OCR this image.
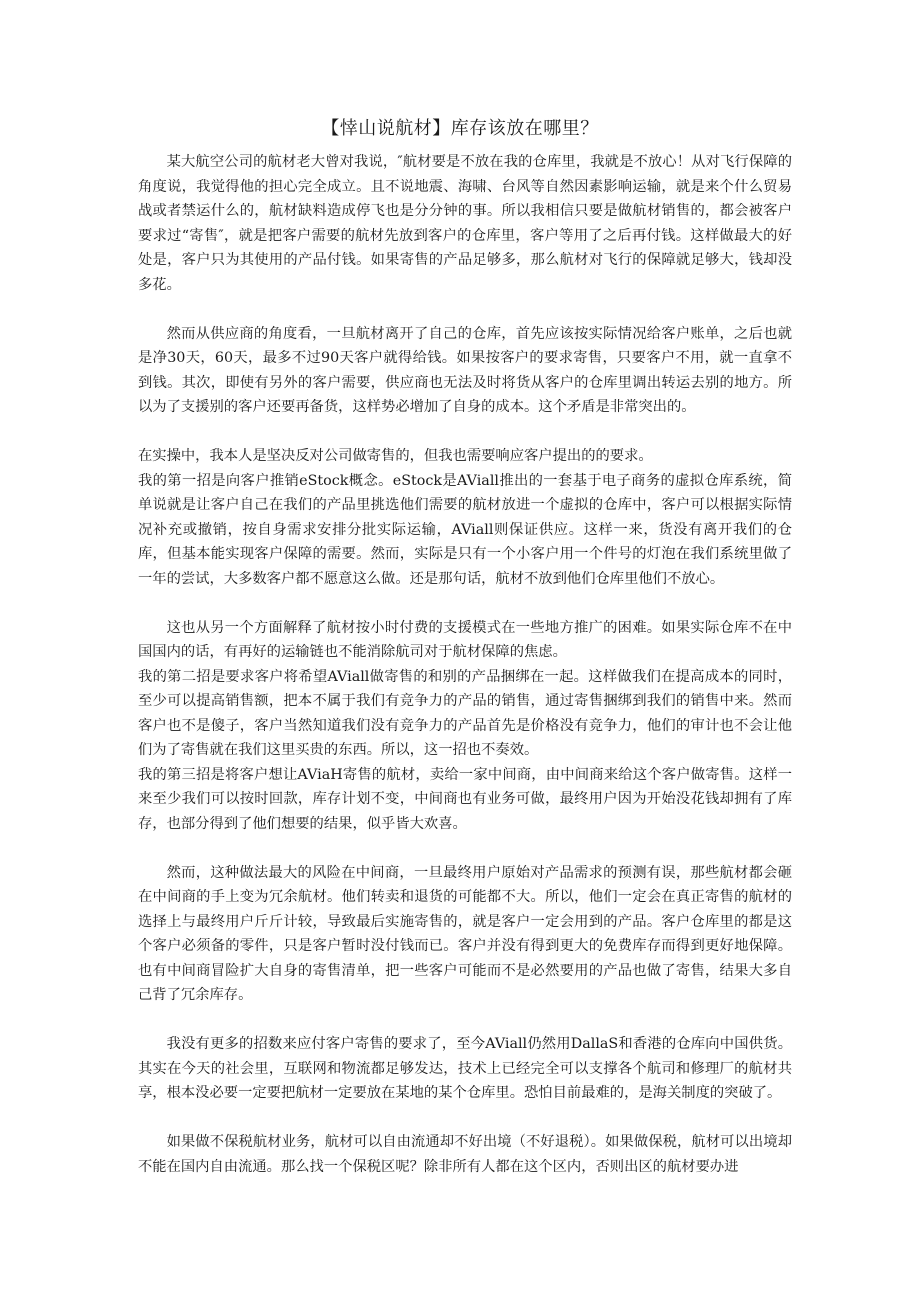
【悻山说航材】库存该放在哪里？

某大航空公司的航材老大曾对我说，″航材要是不放在我的仓库里，我就是不放心！从对飞行保障的角度说，我觉得他的担心完全成立。且不说地震、海啸、台风等自然因素影响运输，就是来个什么贸易战或者禁运什么的，航材缺料造成停飞也是分分钟的事。所以我相信只要是做航材销售的，都会被客户要求过“寄售″，就是把客户需要的航材先放到客户的仓库里，客户等用了之后再付钱。这样做最大的好处是，客户只为其使用的产品付钱。如果寄售的产品足够多，那么航材对飞行的保障就足够大，钱却没多花。

然而从供应商的角度看，一旦航材离开了自己的仓库，首先应该按实际情况给客户账单，之后也就是净30天，60天，最多不过90天客户就得给钱。如果按客户的要求寄售，只要客户不用，就一直拿不到钱。其次，即使有另外的客户需要，供应商也无法及时将货从客户的仓库里调出转运去别的地方。所以为了支援别的客户还要再备货，这样势必增加了自身的成本。这个矛盾是非常突出的。

在实操中，我本人是坚决反对公司做寄售的，但我也需要响应客户提出的的要求。

我的第一招是向客户推销eStock概念。eStock是AViall推出的一套基于电子商务的虚拟仓库系统，简单说就是让客户自己在我们的产品里挑选他们需要的航材放进一个虚拟的仓库中，客户可以根据实际情况补充或撤销，按自身需求安排分批实际运输，AViall则保证供应。这样一来，货没有离开我们的仓库，但基本能实现客户保障的需要。然而，实际是只有一个小客户用一个件号的灯泡在我们系统里做了一年的尝试，大多数客户都不愿意这么做。还是那句话，航材不放到他们仓库里他们不放心。

这也从另一个方面解释了航材按小时付费的支援模式在一些地方推广的困难。如果实际仓库不在中国国内的话，有再好的运输链也不能消除航司对于航材保障的焦虑。

我的第二招是要求客户将希望AViall做寄售的和别的产品捆绑在一起。这样做我们在提高成本的同时，至少可以提高销售额，把本不属于我们有竞争力的产品的销售，通过寄售捆绑到我们的销售中来。然而客户也不是傻子，客户当然知道我们没有竞争力的产品首先是价格没有竞争力，他们的审计也不会让他们为了寄售就在我们这里买贵的东西。所以，这一招也不奏效。

我的第三招是将客户想让AViaH寄售的航材，卖给一家中间商，由中间商来给这个客户做寄售。这样一来至少我们可以按时回款，库存计划不变，中间商也有业务可做，最终用户因为开始没花钱却拥有了库存，也部分得到了他们想要的结果，似乎皆大欢喜。

然而，这种做法最大的风险在中间商，一旦最终用户原始对产品需求的预测有误，那些航材都会砸在中间商的手上变为冗余航材。他们转卖和退货的可能都不大。所以，他们一定会在真正寄售的航材的选择上与最终用户斤斤计较，导致最后实施寄售的，就是客户一定会用到的产品。客户仓库里的都是这个客户必须备的零件，只是客户暂时没付钱而已。客户并没有得到更大的免费库存而得到更好地保障。也有中间商冒险扩大自身的寄售清单，把一些客户可能而不是必然要用的产品也做了寄售，结果大多自己背了冗余库存。

我没有更多的招数来应付客户寄售的要求了，至今AViall仍然用DallaS和香港的仓库向中国供货。其实在今天的社会里，互联网和物流都足够发达，技术上已经完全可以支撑各个航司和修理厂的航材共享，根本没必要一定要把航材一定要放在某地的某个仓库里。恐怕目前最难的，是海关制度的突破了。

如果做不保税航材业务，航材可以自由流通却不好出境（不好退税）。如果做保税，航材可以出境却不能在国内自由流通。那么找一个保税区呢？除非所有人都在这个区内，否则出区的航材要办进
